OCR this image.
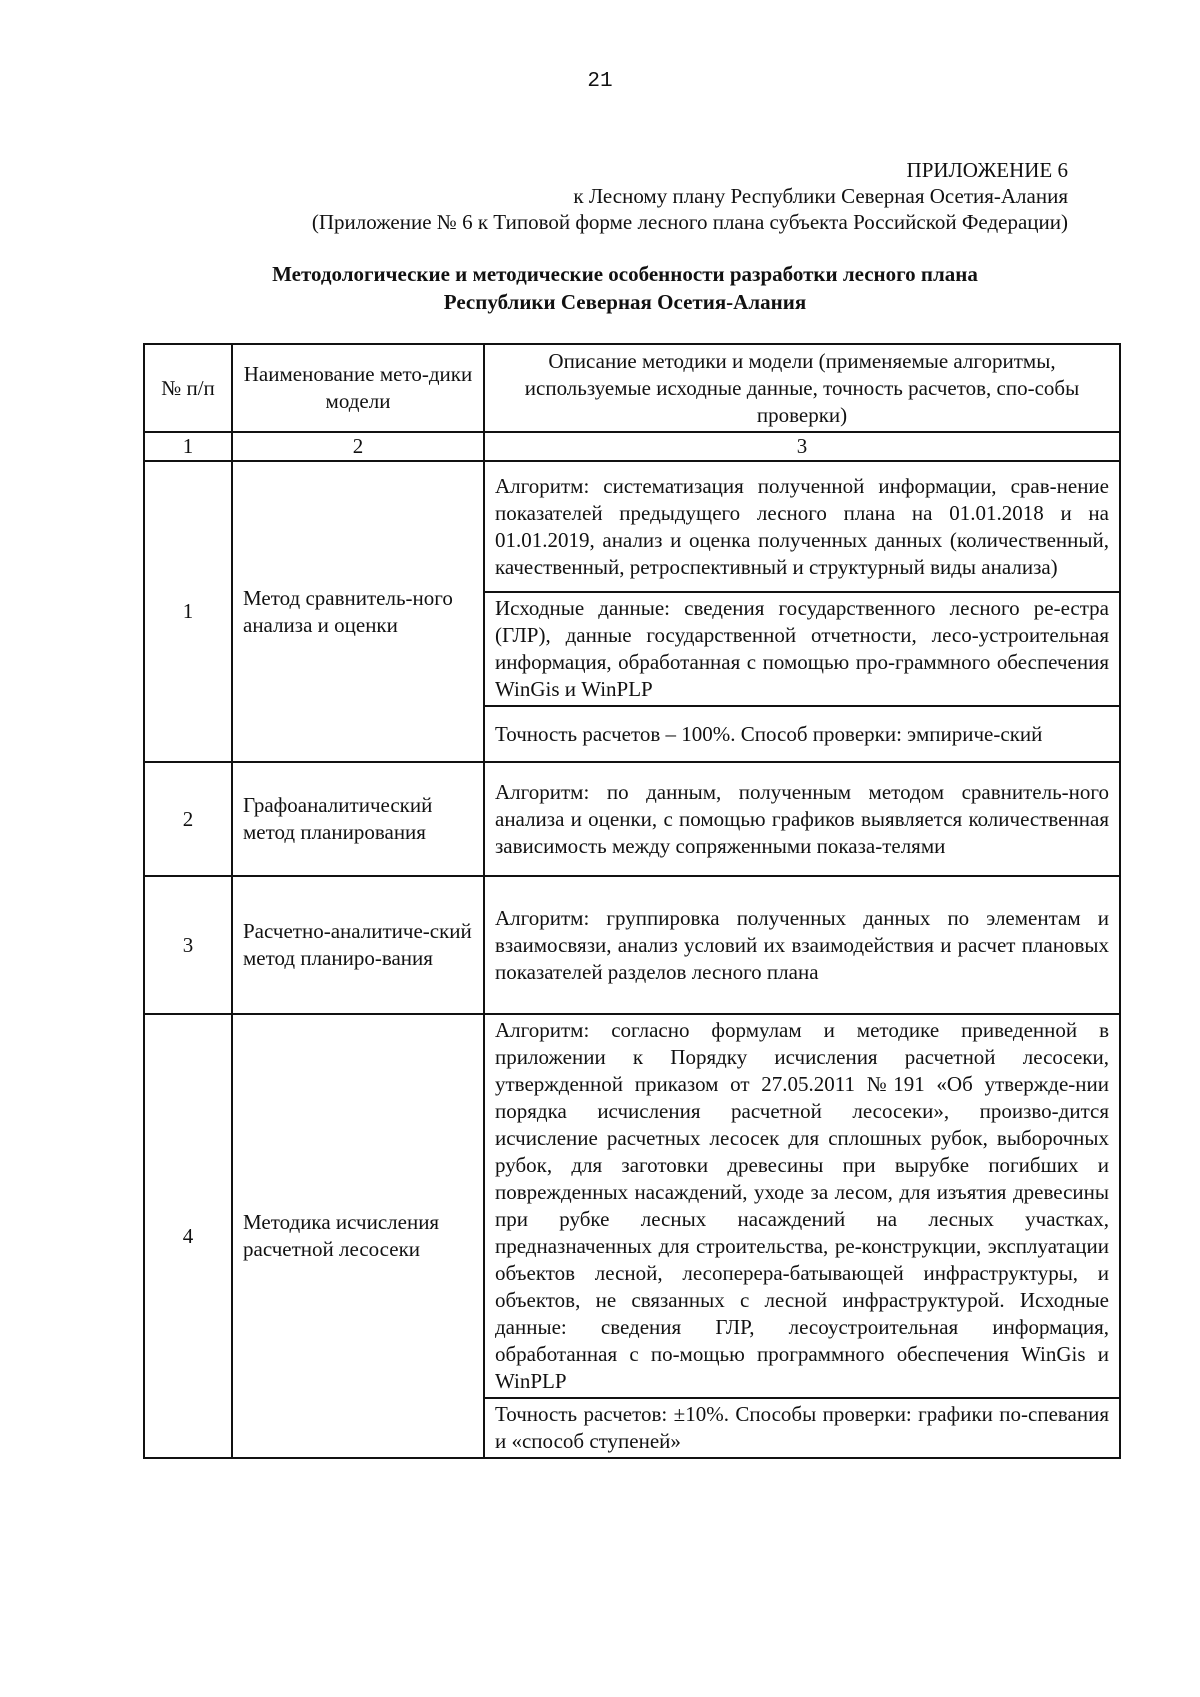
21
ПРИЛОЖЕНИЕ 6
к Лесному плану Республики Северная Осетия-Алания
(Приложение № 6 к Типовой форме лесного плана субъекта Российской Федерации)
Методологические и методические особенности разработки лесного плана
Республики Северная Осетия-Алания
№ п/п	Наименование мето-дики модели	Описание методики и модели (применяемые алгоритмы, используемые исходные данные, точность расчетов, спо-собы проверки)
1	2	3
1	Метод сравнитель-ного анализа и оценки	Алгоритм: систематизация полученной информации, срав-нение показателей предыдущего лесного плана на 01.01.2018 и на 01.01.2019, анализ и оценка полученных данных (количественный, качественный, ретроспективный и структурный виды анализа)
		Исходные данные: сведения государственного лесного ре-естра (ГЛР), данные государственной отчетности, лесо-устроительная информация, обработанная с помощью про-граммного обеспечения WinGis и WinPLP
		Точность расчетов – 100%. Способ проверки: эмпириче-ский
2	Графоаналитический метод планирования	Алгоритм: по данным, полученным методом сравнитель-ного анализа и оценки, с помощью графиков выявляется количественная зависимость между сопряженными показа-телями
3	Расчетно-аналитиче-ский метод планиро-вания	Алгоритм: группировка полученных данных по элементам и взаимосвязи, анализ условий их взаимодействия и расчет плановых показателей разделов лесного плана
4	Методика исчисления расчетной лесосеки	Алгоритм: согласно формулам и методике приведенной в приложении к Порядку исчисления расчетной лесосеки, утвержденной приказом от 27.05.2011 №191 «Об утвержде-нии порядка исчисления расчетной лесосеки», произво-дится исчисление расчетных лесосек для сплошных рубок, выборочных рубок, для заготовки древесины при вырубке погибших и поврежденных насаждений, уходе за лесом, для изъятия древесины при рубке лесных насаждений на лесных участках, предназначенных для строительства, ре-конструкции, эксплуатации объектов лесной, лесоперера-батывающей инфраструктуры, и объектов, не связанных с лесной инфраструктурой. Исходные данные: сведения ГЛР, лесоустроительная информация, обработанная с по-мощью программного обеспечения WinGis и WinPLP
		Точность расчетов: ±10%. Способы проверки: графики по-спевания и «способ ступеней»
